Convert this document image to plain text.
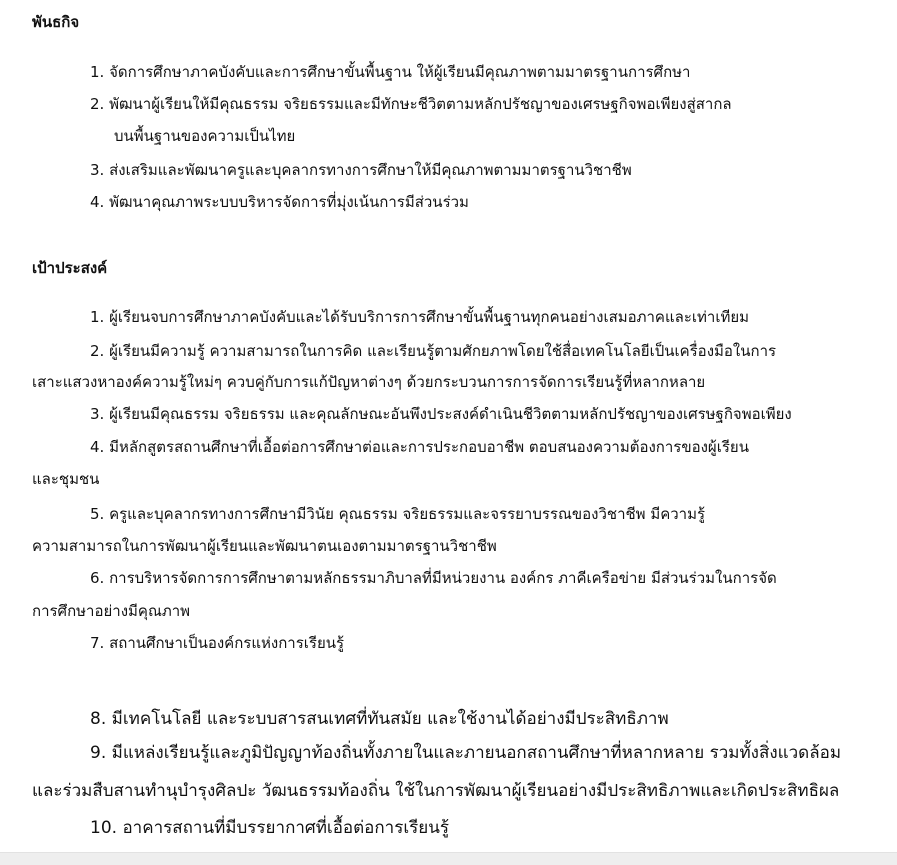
พันธกิจ
1. จัดการศึกษาภาคบังคับและการศึกษาขั้นพื้นฐาน ให้ผู้เรียนมีคุณภาพตามมาตรฐานการศึกษา
2. พัฒนาผู้เรียนให้มีคุณธรรม จริยธรรมและมีทักษะชีวิตตามหลักปรัชญาของเศรษฐกิจพอเพียงสู่สากล
บนพื้นฐานของความเป็นไทย
3. ส่งเสริมและพัฒนาครูและบุคลากรทางการศึกษาให้มีคุณภาพตามมาตรฐานวิชาชีพ
4. พัฒนาคุณภาพระบบบริหารจัดการที่มุ่งเน้นการมีส่วนร่วม
เป้าประสงค์
1. ผู้เรียนจบการศึกษาภาคบังคับและได้รับบริการการศึกษาขั้นพื้นฐานทุกคนอย่างเสมอภาคและเท่าเทียม
2. ผู้เรียนมีความรู้ ความสามารถในการคิด และเรียนรู้ตามศักยภาพโดยใช้สื่อเทคโนโลยีเป็นเครื่องมือในการ
เสาะแสวงหาองค์ความรู้ใหม่ๆ ควบคู่กับการแก้ปัญหาต่างๆ ด้วยกระบวนการการจัดการเรียนรู้ที่หลากหลาย
3. ผู้เรียนมีคุณธรรม จริยธรรม และคุณลักษณะอันพึงประสงค์ดำเนินชีวิตตามหลักปรัชญาของเศรษฐกิจพอเพียง
4. มีหลักสูตรสถานศึกษาที่เอื้อต่อการศึกษาต่อและการประกอบอาชีพ ตอบสนองความต้องการของผู้เรียน
และชุมชน
5. ครูและบุคลากรทางการศึกษามีวินัย คุณธรรม จริยธรรมและจรรยาบรรณของวิชาชีพ มีความรู้
ความสามารถในการพัฒนาผู้เรียนและพัฒนาตนเองตามมาตรฐานวิชาชีพ
6. การบริหารจัดการการศึกษาตามหลักธรรมาภิบาลที่มีหน่วยงาน องค์กร ภาคีเครือข่าย มีส่วนร่วมในการจัด
การศึกษาอย่างมีคุณภาพ
7. สถานศึกษาเป็นองค์กรแห่งการเรียนรู้
8. มีเทคโนโลยี และระบบสารสนเทศที่ทันสมัย และใช้งานได้อย่างมีประสิทธิภาพ
9. มีแหล่งเรียนรู้และภูมิปัญญาท้องถิ่นทั้งภายในและภายนอกสถานศึกษาที่หลากหลาย รวมทั้งสิ่งแวดล้อม
และร่วมสืบสานทำนุบำรุงศิลปะ วัฒนธรรมท้องถิ่น ใช้ในการพัฒนาผู้เรียนอย่างมีประสิทธิภาพและเกิดประสิทธิผล
10. อาคารสถานที่มีบรรยากาศที่เอื้อต่อการเรียนรู้
